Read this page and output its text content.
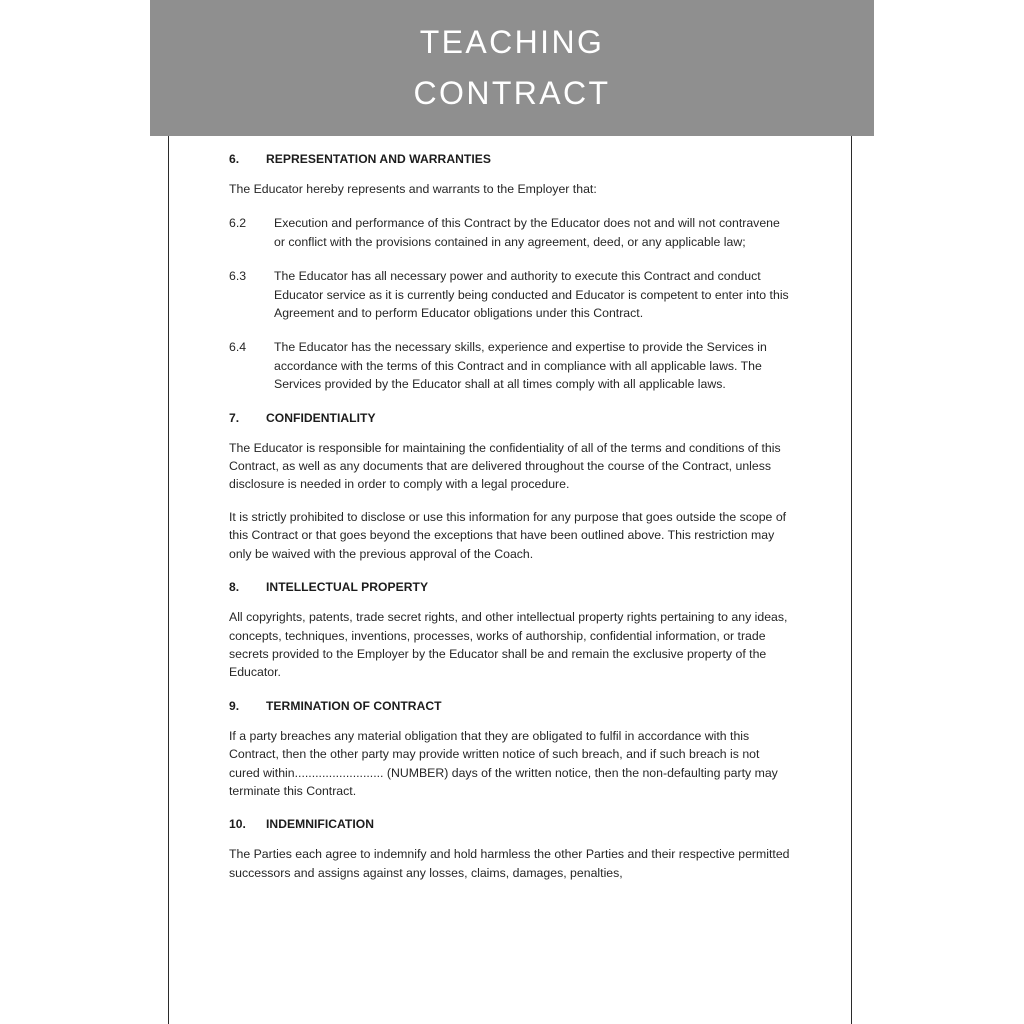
6.	REPRESENTATION AND WARRANTIES
The Educator hereby represents and warrants to the Employer that:
6.2	Execution and performance of this Contract by the Educator does not and will not contravene or conflict with the provisions contained in any agreement, deed, or any applicable law;
6.3	The Educator has all necessary power and authority to execute this Contract and conduct Educator service as it is currently being conducted and Educator is competent to enter into this Agreement and to perform Educator obligations under this Contract.
6.4	The Educator has the necessary skills, experience and expertise to provide the Services in accordance with the terms of this Contract and in compliance with all applicable laws. The Services provided by the Educator shall at all times comply with all applicable laws.
7.	CONFIDENTIALITY
The Educator is responsible for maintaining the confidentiality of all of the terms and conditions of this Contract, as well as any documents that are delivered throughout the course of the Contract, unless disclosure is needed in order to comply with a legal procedure.
It is strictly prohibited to disclose or use this information for any purpose that goes outside the scope of this Contract or that goes beyond the exceptions that have been outlined above. This restriction may only be waived with the previous approval of the Coach.
8.	INTELLECTUAL PROPERTY
All copyrights, patents, trade secret rights, and other intellectual property rights pertaining to any ideas, concepts, techniques, inventions, processes, works of authorship, confidential information, or trade secrets provided to the Employer by the Educator shall be and remain the exclusive property of the Educator.
9.	TERMINATION OF CONTRACT
If a party breaches any material obligation that they are obligated to fulfil in accordance with this Contract, then the other party may provide written notice of such breach, and if such breach is not cured within.......................... (NUMBER) days of the written notice, then the non-defaulting party may terminate this Contract.
10.	INDEMNIFICATION
The Parties each agree to indemnify and hold harmless the other Parties and their respective permitted successors and assigns against any losses, claims, damages, penalties,
TEACHING
CONTRACT
